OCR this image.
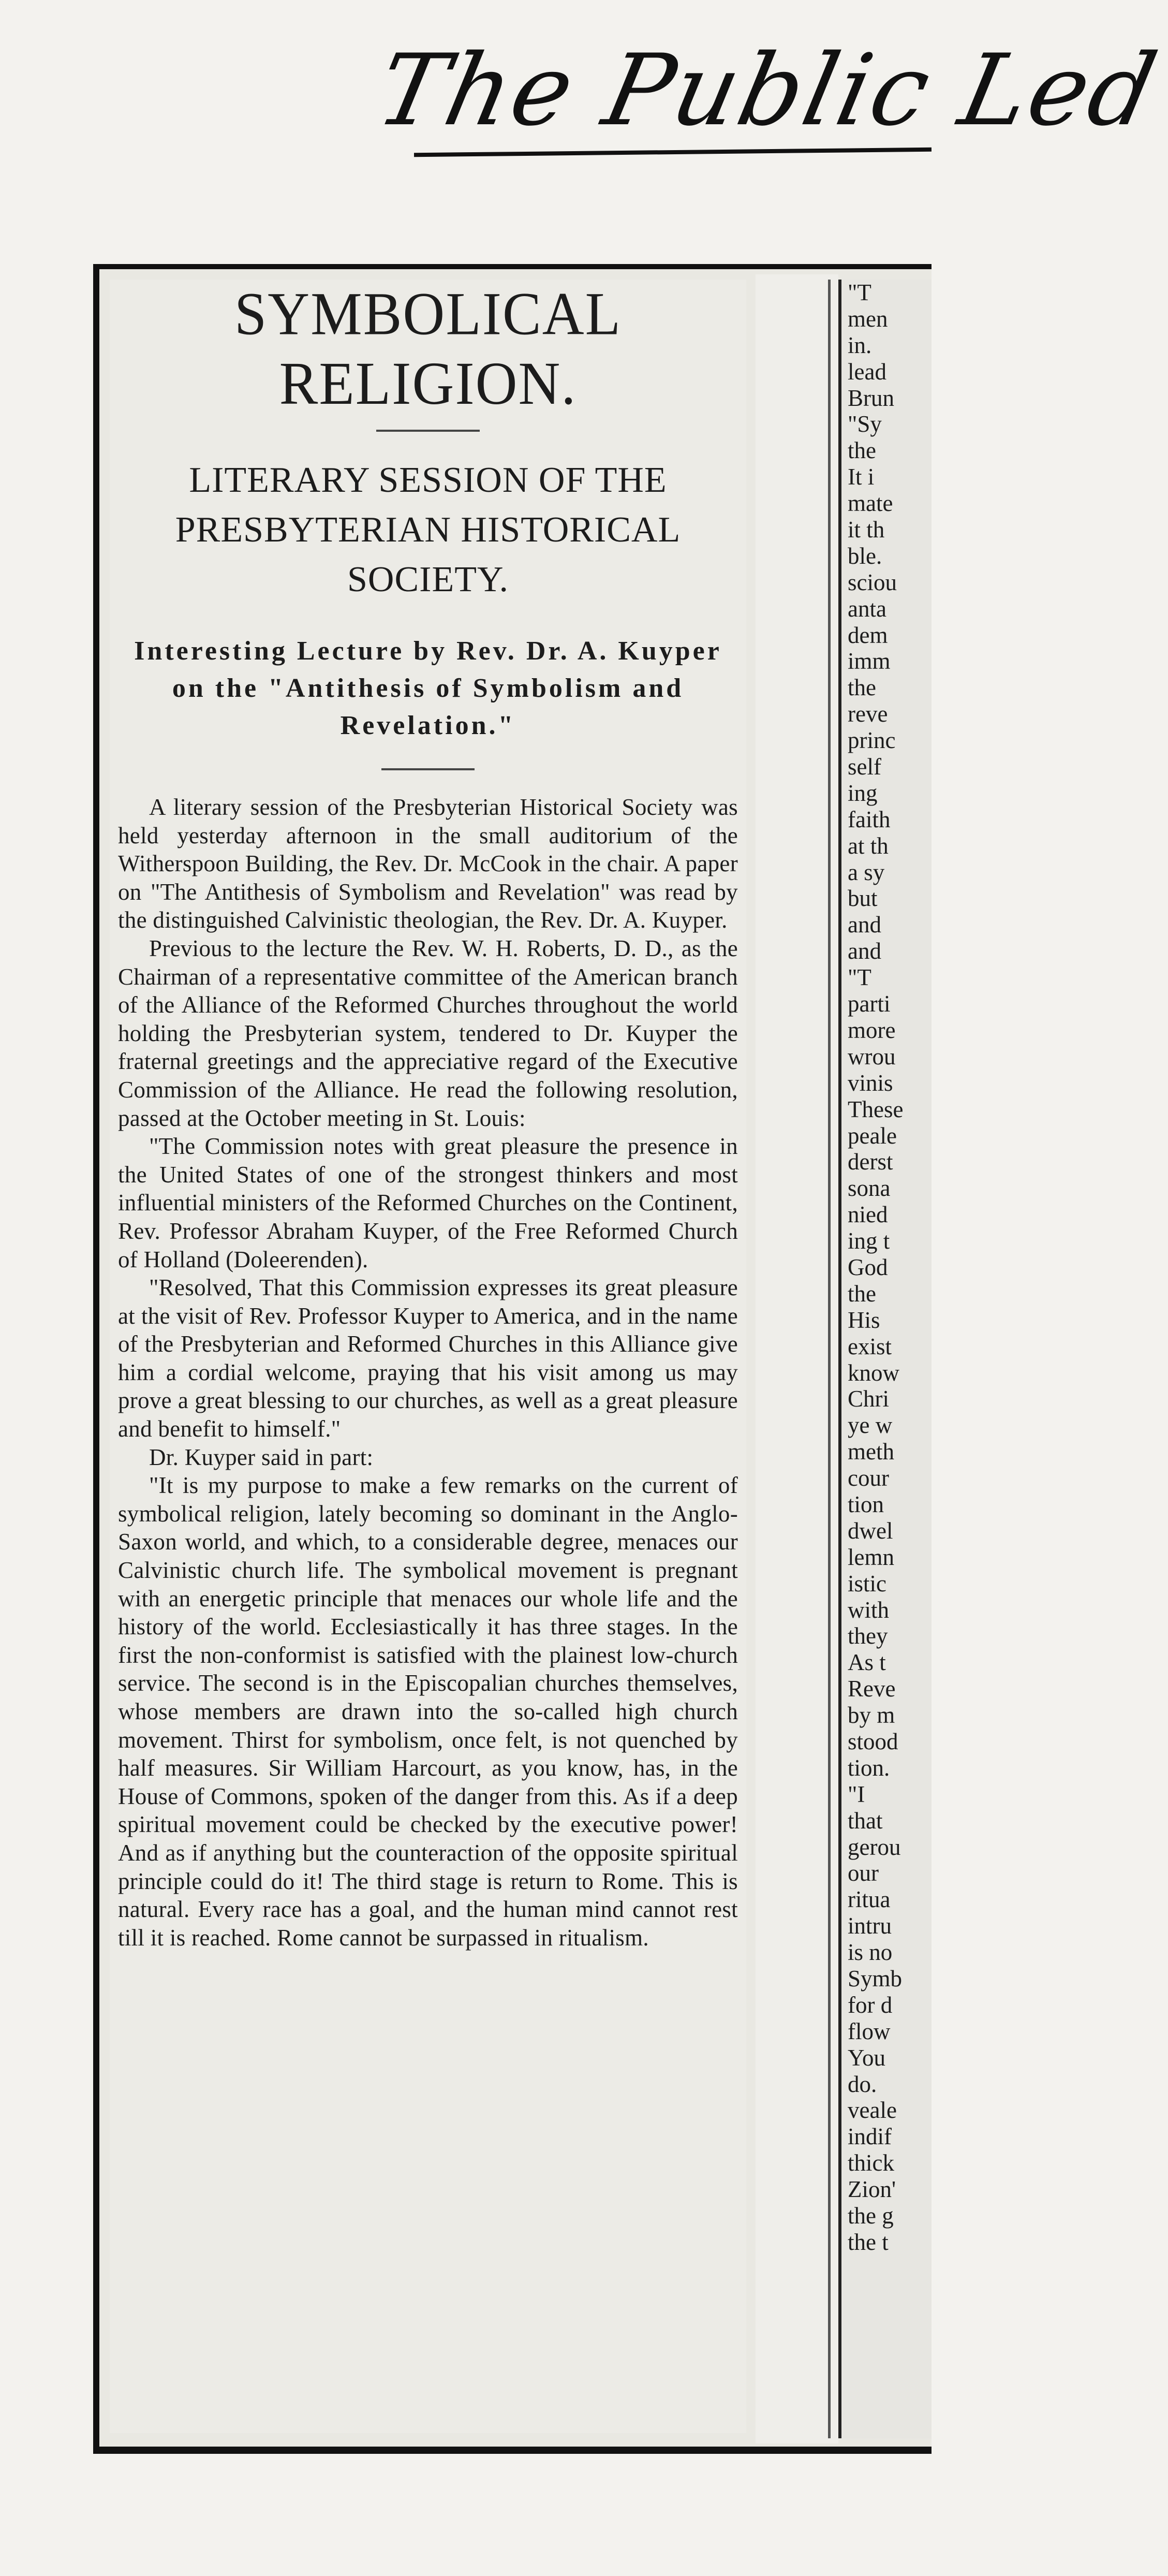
The Public Led
SYMBOLICAL RELIGION.
LITERARY SESSION OF THE PRESBYTERIAN HISTORICAL SOCIETY.
Interesting Lecture by Rev. Dr. A. Kuyper on the "Antithesis of Symbolism and Revelation."

A literary session of the Presbyterian Historical Society was held yesterday afternoon in the small auditorium of the Witherspoon Building, the Rev. Dr. McCook in the chair. A paper on "The Antithesis of Symbolism and Revelation" was read by the distinguished Calvinistic theologian, the Rev. Dr. A. Kuyper.

Previous to the lecture the Rev. W. H. Roberts, D. D., as the Chairman of a representative committee of the American branch of the Alliance of the Reformed Churches throughout the world holding the Presbyterian system, tendered to Dr. Kuyper the fraternal greetings and the appreciative regard of the Executive Commission of the Alliance. He read the following resolution, passed at the October meeting in St. Louis:

"The Commission notes with great pleasure the presence in the United States of one of the strongest thinkers and most influential ministers of the Reformed Churches on the Continent, Rev. Professor Abraham Kuyper, of the Free Reformed Church of Holland (Doleerenden).

"Resolved, That this Commission expresses its great pleasure at the visit of Rev. Professor Kuyper to America, and in the name of the Presbyterian and Reformed Churches in this Alliance give him a cordial welcome, praying that his visit among us may prove a great blessing to our churches, as well as a great pleasure and benefit to himself."

Dr. Kuyper said in part:

"It is my purpose to make a few remarks on the current of symbolical religion, lately becoming so dominant in the Anglo-Saxon world, and which, to a considerable degree, menaces our Calvinistic church life. The symbolical movement is pregnant with an energetic principle that menaces our whole life and the history of the world. Ecclesiastically it has three stages. In the first the non-conformist is satisfied with the plainest low-church service. The second is in the Episcopalian churches themselves, whose members are drawn into the so-called high church movement. Thirst for symbolism, once felt, is not quenched by half measures. Sir William Harcourt, as you know, has, in the House of Commons, spoken of the danger from this. As if a deep spiritual movement could be checked by the executive power! And as if anything but the counteraction of the opposite spiritual principle could do it! The third stage is return to Rome. This is natural. Every race has a goal, and the human mind cannot rest till it is reached. Rome cannot be surpassed in ritualism.

"T
men
in.
lead
Brun
"Sy
the
It i
mate
it th
ble.
sciou
anta
dem
imm
the
reve
princ
self
ing
faith
at th
a sy
but
and
and
"T
parti
more
wrou
vinis
These
peale
derst
sona
nied
ing t
God
the
His
exist
know
Chri
ye w
meth
cour
tion
dwel
lemn
istic
with
they
As t
Reve
by m
stood
tion.
"I
that
gerou
our
ritua
intru
is no
Symb
for d
flow
You
do.
veale
indif
thick
Zion'
the g
the t
